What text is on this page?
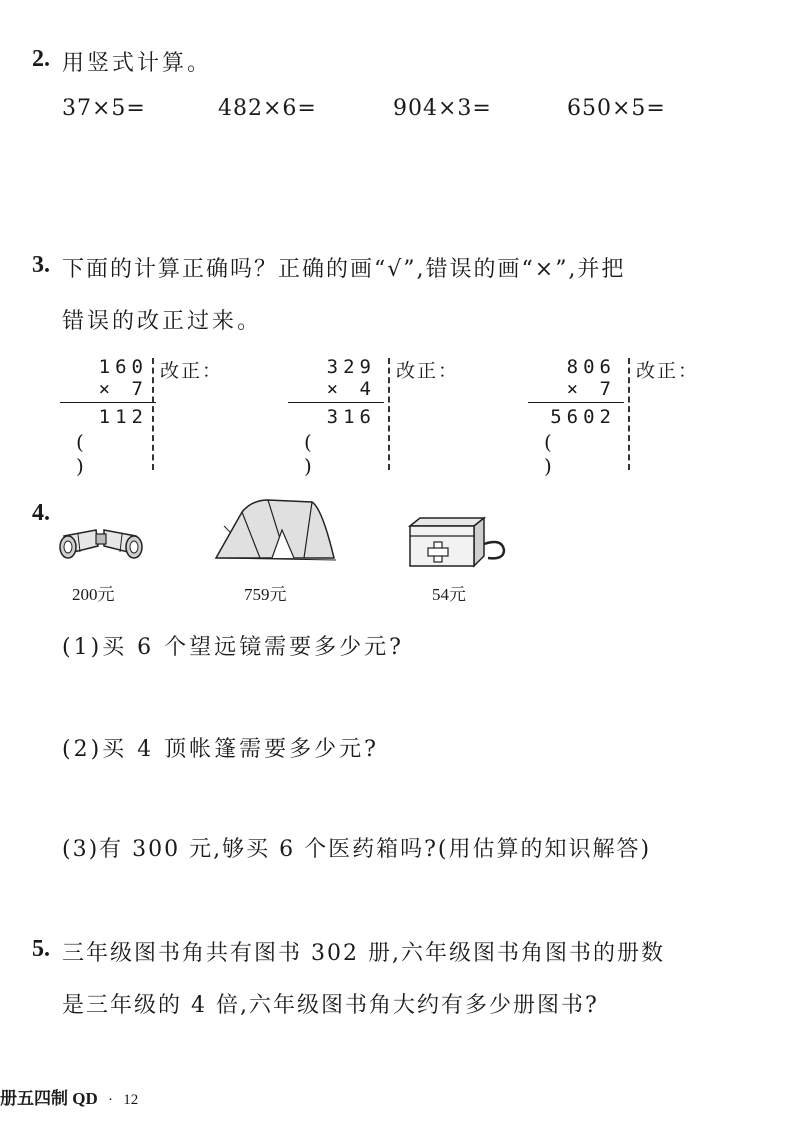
2. 用竖式计算。
37×5=	482×6=	904×3=	650×5=
3. 下面的计算正确吗？正确的画“√”,错误的画“×”,并把
错误的改正过来。
160
× 7
112
( )
改正：	329
× 4
316
( )
改正：	806
× 7
5602
( )
改正：
4.
200元	759元	54元
(1)买 6 个望远镜需要多少元?
(2)买 4 顶帐篷需要多少元?
(3)有 300 元,够买 6 个医药箱吗?(用估算的知识解答)
5. 三年级图书角共有图书 302 册,六年级图书角图书的册数
是三年级的 4 倍,六年级图书角大约有多少册图书?
册五四制 QD · 12
